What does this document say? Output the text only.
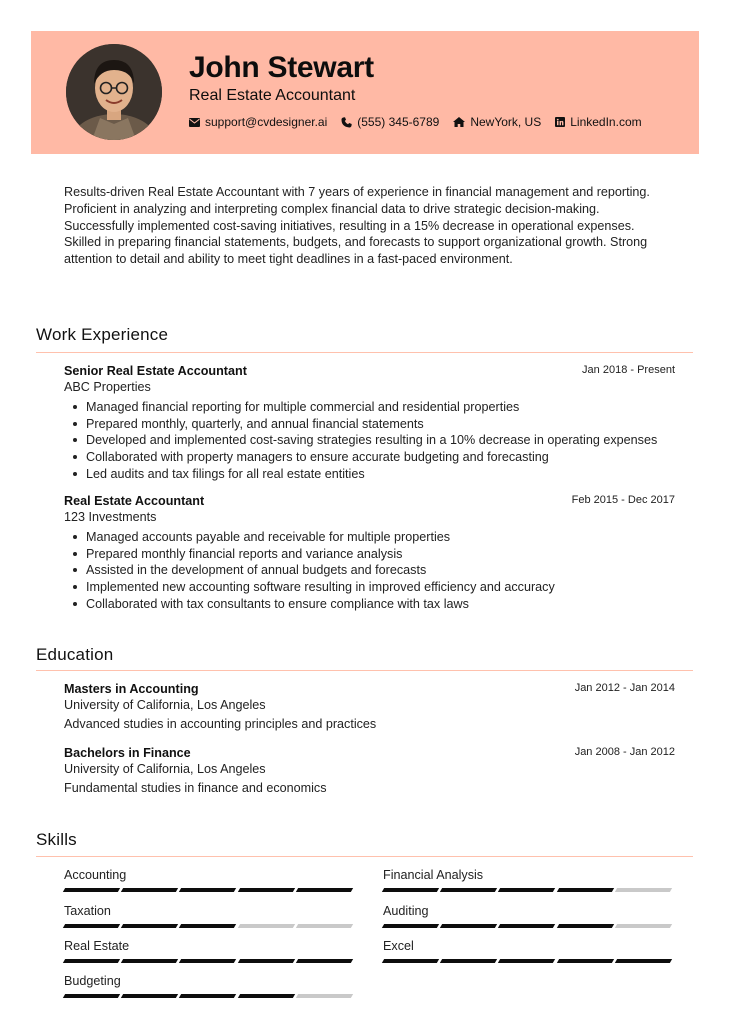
John Stewart
Real Estate Accountant
support@cvdesigner.ai	(555) 345-6789	NewYork, US LinkedIn.com
Results-driven Real Estate Accountant with 7 years of experience in financial management and reporting. Proficient in analyzing and interpreting complex financial data to drive strategic decision-making. Successfully implemented cost-saving initiatives, resulting in a 15% decrease in operational expenses. Skilled in preparing financial statements, budgets, and forecasts to support organizational growth. Strong attention to detail and ability to meet tight deadlines in a fast-paced environment.
Work Experience
Senior Real Estate Accountant
ABC Properties
Jan 2018 - Present
Managed financial reporting for multiple commercial and residential properties
Prepared monthly, quarterly, and annual financial statements
Developed and implemented cost-saving strategies resulting in a 10% decrease in operating expenses
Collaborated with property managers to ensure accurate budgeting and forecasting
Led audits and tax filings for all real estate entities
Real Estate Accountant
123 Investments
Feb 2015 - Dec 2017
Managed accounts payable and receivable for multiple properties
Prepared monthly financial reports and variance analysis
Assisted in the development of annual budgets and forecasts
Implemented new accounting software resulting in improved efficiency and accuracy
Collaborated with tax consultants to ensure compliance with tax laws
Education
Masters in Accounting
University of California, Los Angeles
Jan 2012 - Jan 2014
Advanced studies in accounting principles and practices
Bachelors in Finance
University of California, Los Angeles
Jan 2008 - Jan 2012
Fundamental studies in finance and economics
Skills
Accounting	Financial Analysis
Taxation	Auditing
Real Estate	Excel
Budgeting
